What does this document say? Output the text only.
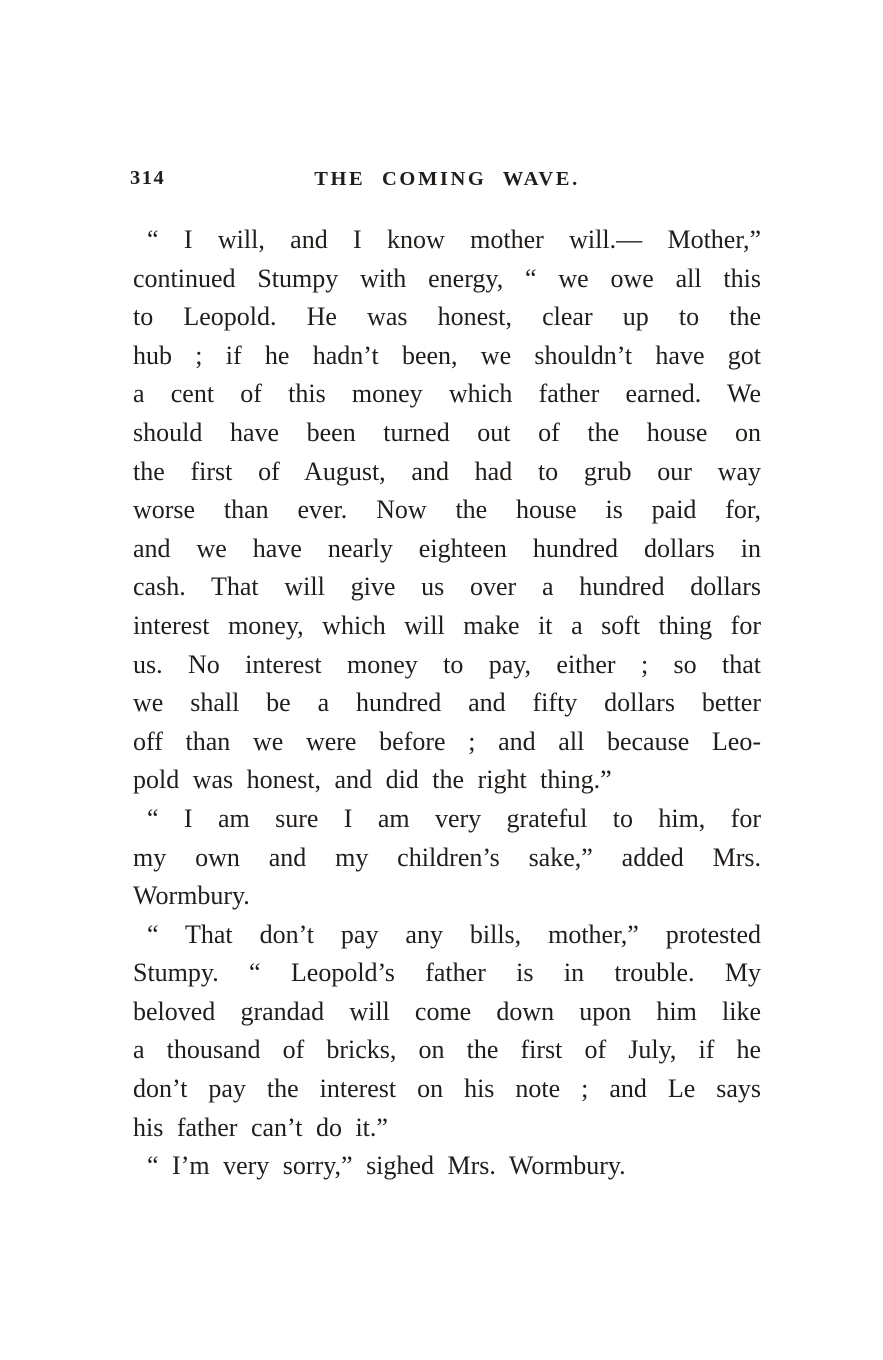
314	THE COMING WAVE.
“ I will, and I know mother will.— Mother,”
continued Stumpy with energy, “ we owe all this
to Leopold. He was honest, clear up to the
hub ; if he hadn’t been, we shouldn’t have got
a cent of this money which father earned. We
should have been turned out of the house on
the first of August, and had to grub our way
worse than ever. Now the house is paid for,
and we have nearly eighteen hundred dollars in
cash. That will give us over a hundred dollars
interest money, which will make it a soft thing for
us. No interest money to pay, either ; so that
we shall be a hundred and fifty dollars better
off than we were before ; and all because Leo-
pold was honest, and did the right thing.”
“ I am sure I am very grateful to him, for
my own and my children’s sake,” added Mrs.
Wormbury.
“ That don’t pay any bills, mother,” protested
Stumpy. “ Leopold’s father is in trouble. My
beloved grandad will come down upon him like
a thousand of bricks, on the first of July, if he
don’t pay the interest on his note ; and Le says
his father can’t do it.”
“ I’m very sorry,” sighed Mrs. Wormbury.
